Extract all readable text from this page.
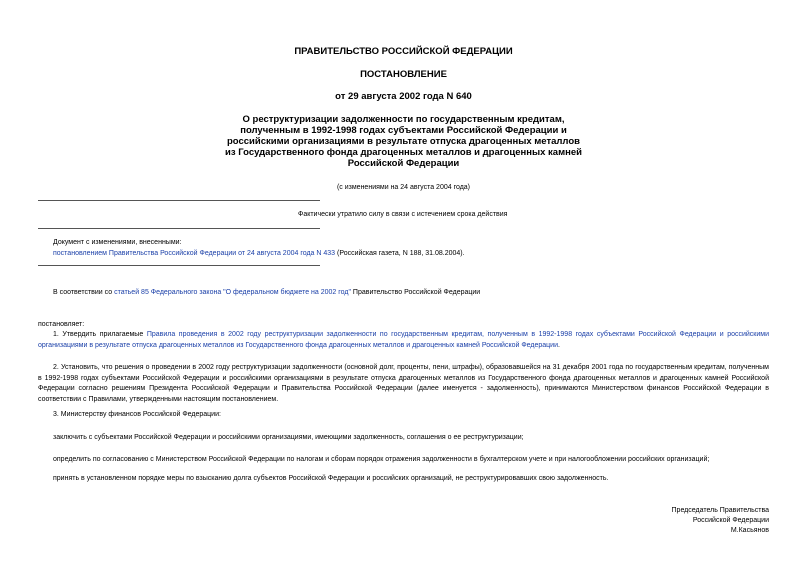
ПРАВИТЕЛЬСТВО РОССИЙСКОЙ ФЕДЕРАЦИИ
ПОСТАНОВЛЕНИЕ
от 29 августа 2002 года N 640
О реструктуризации задолженности по государственным кредитам,
полученным в 1992-1998 годах субъектами Российской Федерации и
российскими организациями в результате отпуска драгоценных металлов
из Государственного фонда драгоценных металлов и драгоценных камней
Российской Федерации
(с изменениями на 24 августа 2004 года)
Фактически утратило силу в связи с истечением срока действия
Документ с изменениями, внесенными:
постановлением Правительства Российской Федерации от 24 августа 2004 года N 433 (Российская газета, N 188, 31.08.2004).
В соответствии со статьей 85 Федерального закона "О федеральном бюджете на 2002 год" Правительство Российской Федерации
постановляет:
1. Утвердить прилагаемые Правила проведения в 2002 году реструктуризации задолженности по государственным кредитам, полученным в 1992-1998 годах субъектами Российской Федерации и российскими организациями в результате отпуска драгоценных металлов из Государственного фонда драгоценных металлов и драгоценных камней Российской Федерации.
2. Установить, что решения о проведении в 2002 году реструктуризации задолженности (основной долг, проценты, пени, штрафы), образовавшейся на 31 декабря 2001 года по государственным кредитам, полученным в 1992-1998 годах субъектами Российской Федерации и российскими организациями в результате отпуска драгоценных металлов из Государственного фонда драгоценных металлов и драгоценных камней Российской Федерации согласно решениям Президента Российской Федерации и Правительства Российской Федерации (далее именуется - задолженность), принимаются Министерством финансов Российской Федерации в соответствии с Правилами, утвержденными настоящим постановлением.
3. Министерству финансов Российской Федерации:
заключить с субъектами Российской Федерации и российскими организациями, имеющими задолженность, соглашения о ее реструктуризации;
определить по согласованию с Министерством Российской Федерации по налогам и сборам порядок отражения задолженности в бухгалтерском учете и при налогообложении российских организаций;
принять в установленном порядке меры по взысканию долга субъектов Российской Федерации и российских организаций, не реструктурировавших свою задолженность.
Председатель Правительства
Российской Федерации
М.Касьянов
